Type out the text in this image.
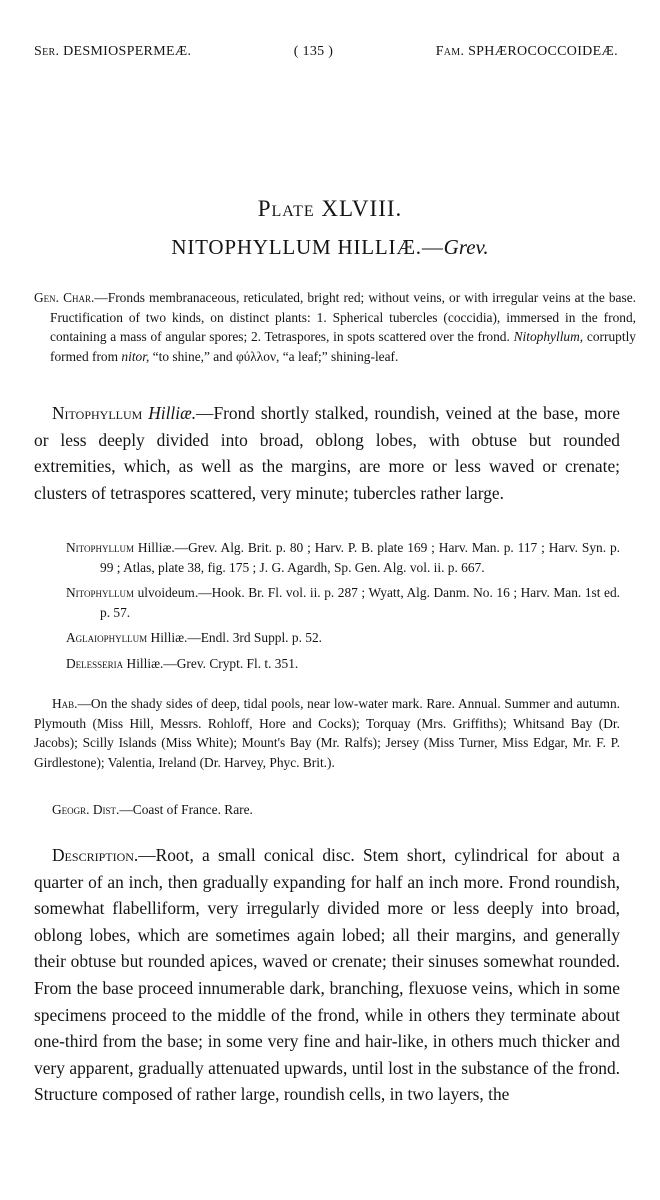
Ser. DESMIOSPERMEÆ.	( 135 )	Fam. SPHÆROCOCCOIDEÆ.
Plate XLVIII.
NITOPHYLLUM HILLIÆ.—Grev.
Gen. Char.—Fronds membranaceous, reticulated, bright red; without veins, or with irregular veins at the base. Fructification of two kinds, on distinct plants: 1. Spherical tubercles (coccidia), immersed in the frond, containing a mass of angular spores; 2. Tetraspores, in spots scattered over the frond. Nitophyllum, corruptly formed from nitor, “to shine,” and φύλλον, “a leaf;” shining-leaf.

Nitophyllum Hilliæ.—Frond shortly stalked, roundish, veined at the base, more or less deeply divided into broad, oblong lobes, with obtuse but rounded extremities, which, as well as the margins, are more or less waved or crenate; clusters of tetraspores scattered, very minute; tubercles rather large.

Nitophyllum Hilliæ.—Grev. Alg. Brit. p. 80 ; Harv. P. B. plate 169 ; Harv. Man. p. 117 ; Harv. Syn. p. 99 ; Atlas, plate 38, fig. 175 ; J. G. Agardh, Sp. Gen. Alg. vol. ii. p. 667.

Nitophyllum ulvoideum.—Hook. Br. Fl. vol. ii. p. 287 ; Wyatt, Alg. Danm. No. 16 ; Harv. Man. 1st ed. p. 57.

Aglaiophyllum Hilliæ.—Endl. 3rd Suppl. p. 52.

Delesseria Hilliæ.—Grev. Crypt. Fl. t. 351.

Hab.—On the shady sides of deep, tidal pools, near low-water mark. Rare. Annual. Summer and autumn. Plymouth (Miss Hill, Messrs. Rohloff, Hore and Cocks); Torquay (Mrs. Griffiths); Whitsand Bay (Dr. Jacobs); Scilly Islands (Miss White); Mount's Bay (Mr. Ralfs); Jersey (Miss Turner, Miss Edgar, Mr. F. P. Girdlestone); Valentia, Ireland (Dr. Harvey, Phyc. Brit.).

Geogr. Dist.—Coast of France. Rare.

Description.—Root, a small conical disc. Stem short, cylindrical for about a quarter of an inch, then gradually expanding for half an inch more. Frond roundish, somewhat flabelliform, very irregularly divided more or less deeply into broad, oblong lobes, which are sometimes again lobed; all their margins, and generally their obtuse but rounded apices, waved or crenate; their sinuses somewhat rounded. From the base proceed innumerable dark, branching, flexuose veins, which in some specimens proceed to the middle of the frond, while in others they terminate about one-third from the base; in some very fine and hair-like, in others much thicker and very apparent, gradually attenuated upwards, until lost in the substance of the frond. Structure composed of rather large, roundish cells, in two layers, the
